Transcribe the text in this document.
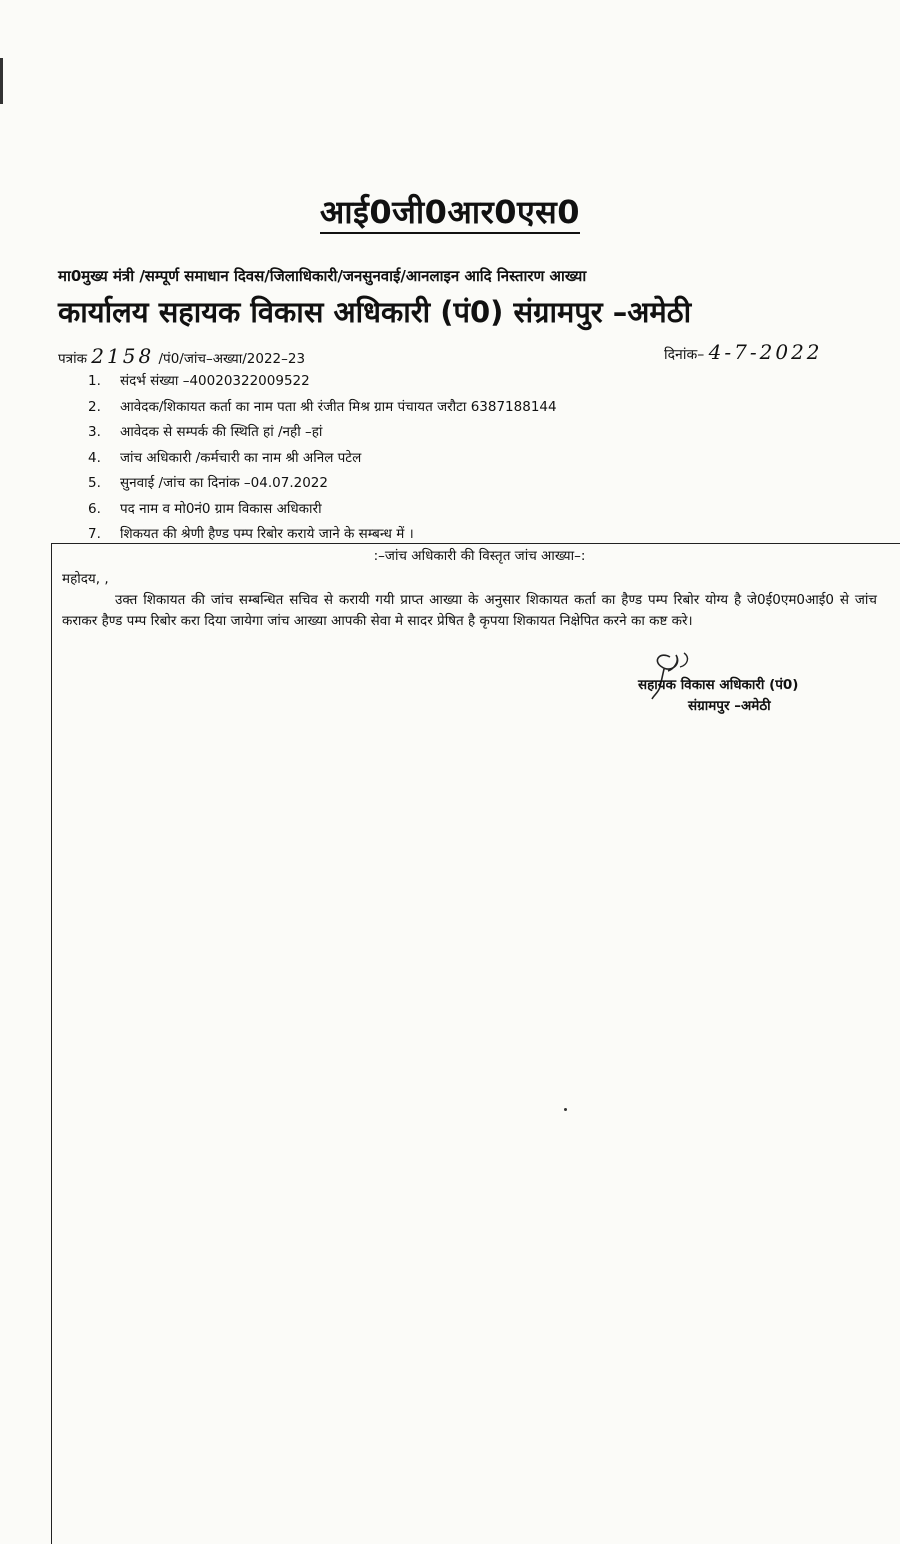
आई0जी0आर0एस0
मा0मुख्य मंत्री /सम्पूर्ण समाधान दिवस/जिलाधिकारी/जनसुनवाई/आनलाइन आदि निस्तारण आख्या
कार्यालय सहायक विकास अधिकारी (पं0) संग्रामपुर –अमेठी
पत्रांक 2158 /पं0/जांच–अख्या/2022–23	दिनांक– 4-7-2022
1. संदर्भ संख्या –40020322009522
2. आवेदक/शिकायत कर्ता का नाम पता श्री रंजीत मिश्र ग्राम पंचायत जरौटा 6387188144
3. आवेदक से सम्पर्क की स्थिति हां /नही –हां
4. जांच अधिकारी /कर्मचारी का नाम श्री अनिल पटेल
5. सुनवाई /जांच का दिनांक –04.07.2022
6. पद नाम व मो0नं0 ग्राम विकास अधिकारी
7. शिकयत की श्रेणी हैण्ड पम्प रिबोर कराये जाने के सम्बन्ध में ।
:–जांच अधिकारी की विस्तृत जांच आख्या–:
महोदय, ,
उक्त शिकायत की जांच सम्बन्धित सचिव से करायी गयी प्राप्त आख्या के अनुसार शिकायत कर्ता का हैण्ड पम्प रिबोर योग्य है जे0ई0एम0आई0 से जांच कराकर हैण्ड पम्प रिबोर करा दिया जायेगा जांच आख्या आपकी सेवा मे सादर प्रेषित है कृपया शिकायत निक्षेपित करने का कष्ट करे।
सहायक विकास अधिकारी (पं0)
संग्रामपुर –अमेठी
